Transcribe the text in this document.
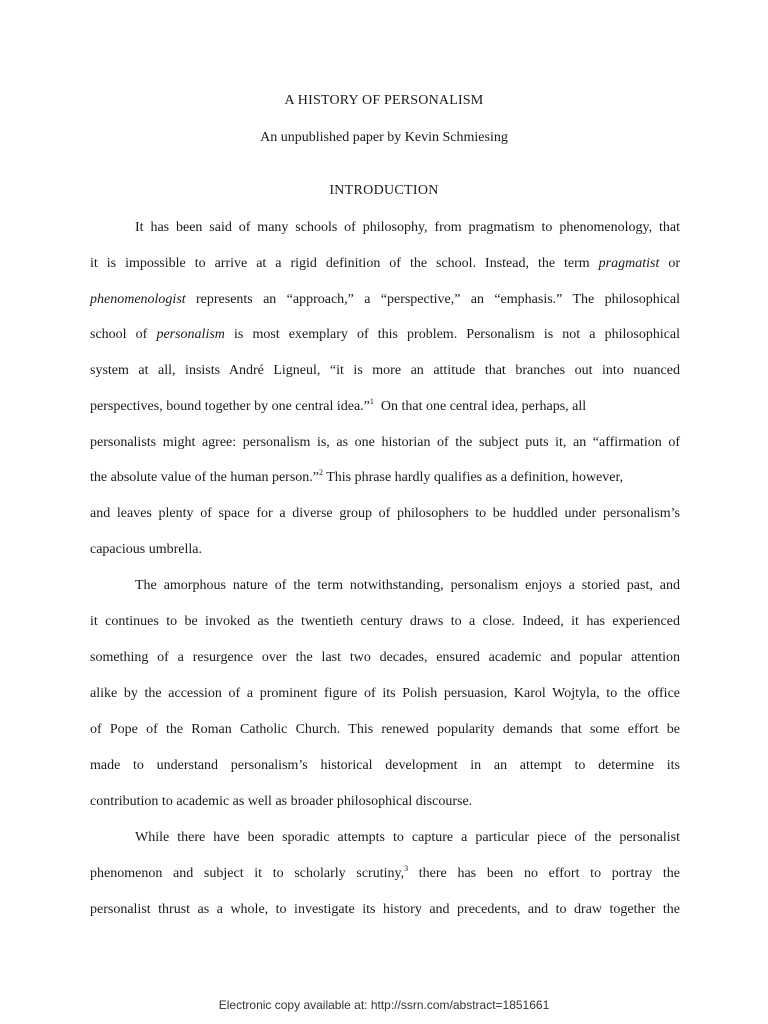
A HISTORY OF PERSONALISM
An unpublished paper by Kevin Schmiesing
INTRODUCTION
It has been said of many schools of philosophy, from pragmatism to phenomenology, that
it is impossible to arrive at a rigid definition of the school. Instead, the term pragmatist or
phenomenologist represents an “approach,” a “perspective,” an “emphasis.” The philosophical
school of personalism is most exemplary of this problem. Personalism is not a philosophical
system at all, insists André Ligneul, “it is more an attitude that branches out into nuanced
perspectives, bound together by one central idea.”$^1$ On that one central idea, perhaps, all
personalists might agree: personalism is, as one historian of the subject puts it, an “affirmation of
the absolute value of the human person.”$^2$ This phrase hardly qualifies as a definition, however,
and leaves plenty of space for a diverse group of philosophers to be huddled under personalism’s
capacious umbrella.
The amorphous nature of the term notwithstanding, personalism enjoys a storied past, and
it continues to be invoked as the twentieth century draws to a close. Indeed, it has experienced
something of a resurgence over the last two decades, ensured academic and popular attention
alike by the accession of a prominent figure of its Polish persuasion, Karol Wojtyla, to the office
of Pope of the Roman Catholic Church. This renewed popularity demands that some effort be
made to understand personalism’s historical development in an attempt to determine its
contribution to academic as well as broader philosophical discourse.
While there have been sporadic attempts to capture a particular piece of the personalist
phenomenon and subject it to scholarly scrutiny,$^3$ there has been no effort to portray the
personalist thrust as a whole, to investigate its history and precedents, and to draw together the
Electronic copy available at: http://ssrn.com/abstract=1851661
